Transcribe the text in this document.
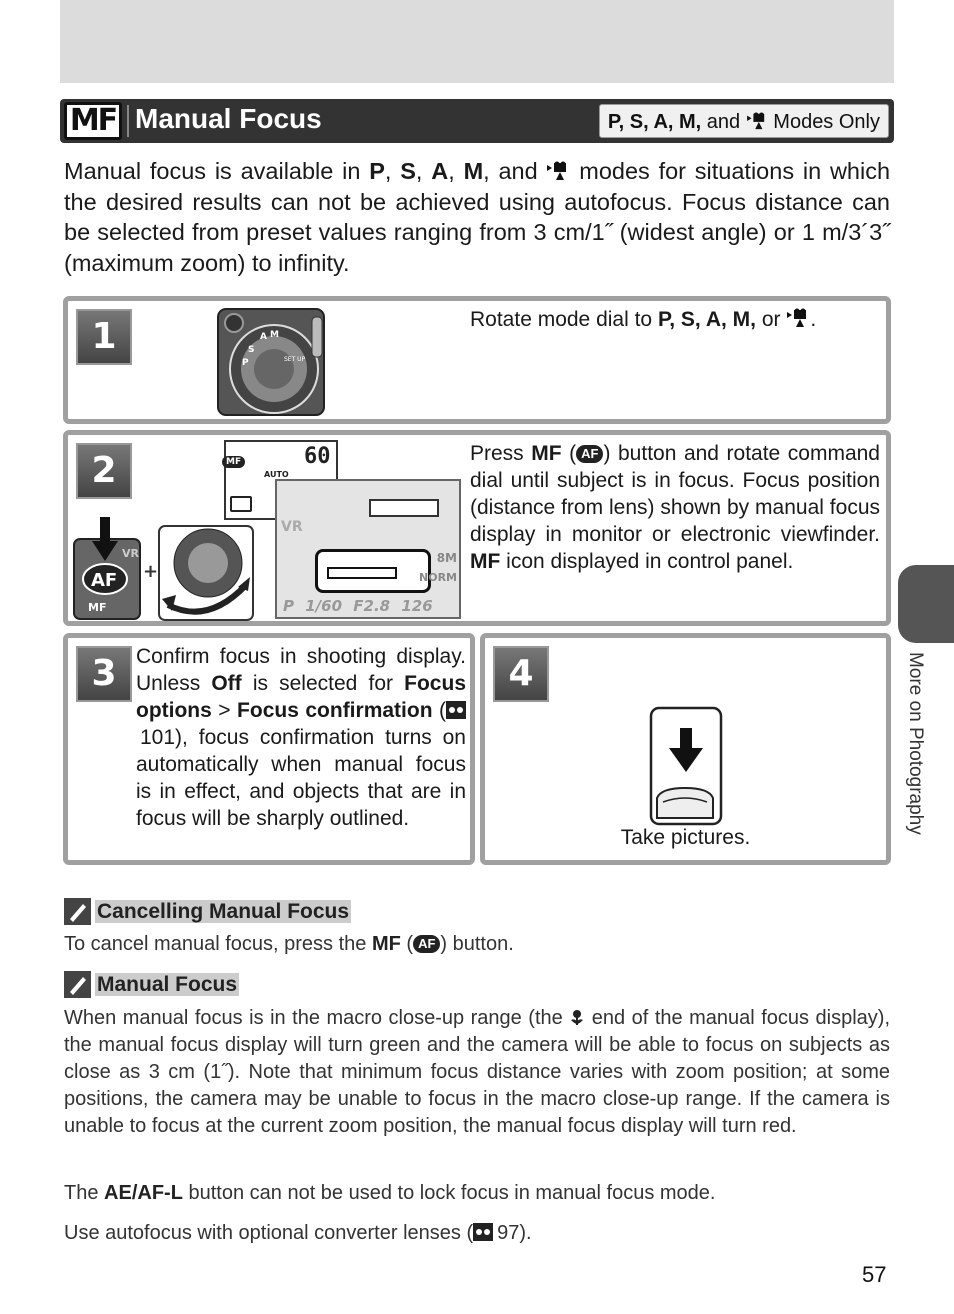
MF Manual Focus	P, S, A, M, and Modes Only
Manual focus is available in P, S, A, M, and  modes for situations in which the desired results can not be achieved using autofocus. Focus distance can be selected from preset values ranging from 3 cm/1˝ (widest angle) or 1 m/3´3˝ (maximum zoom) to infinity.
1	A M
P
S
SET UP
Rotate mode dial to P, S, A, M, or .
2
VR
AF
MF
+
MF	60
AUTO
VR
8M
NORM
P 1/60 F2.8 126
Press MF ( AF ) button and rotate command dial until subject is in focus. Focus position (distance from lens) shown by manual focus display in monitor or electronic viewfinder. MF icon displayed in control panel.
3 Confirm focus in shooting display. Unless Off is selected for Focus options > Focus confirmation (101), focus confirmation turns on automatically when manual focus is in effect, and objects that are in focus will be sharply outlined.
4
Take pictures.
More on Photography
Cancelling Manual Focus
To cancel manual focus, press the MF ( AF ) button.
Manual Focus
When manual focus is in the macro close-up range (the  end of the manual focus display), the manual focus display will turn green and the camera will be able to focus on subjects as close as 3 cm (1˝). Note that minimum focus distance varies with zoom position; at some positions, the camera may be unable to focus in the macro close-up range. If the camera is unable to focus at the current zoom position, the manual focus display will turn red.
The AE/AF-L button can not be used to lock focus in manual focus mode.
Use autofocus with optional converter lenses ( 97).
57
